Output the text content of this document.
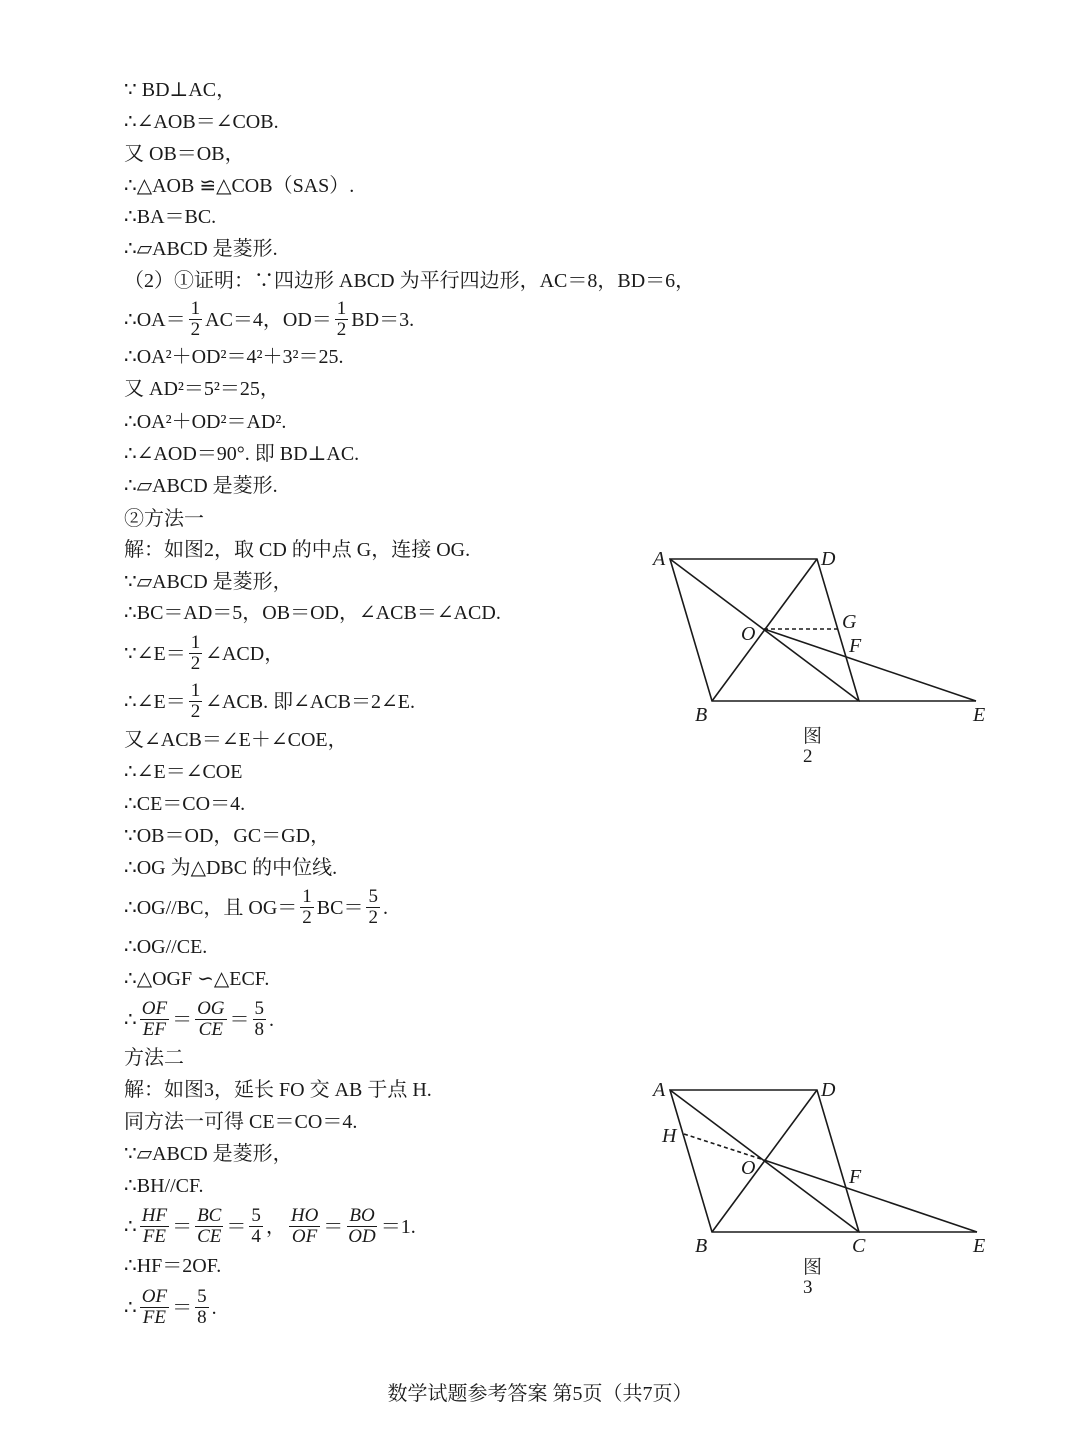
∵ BD⊥AC，
∴∠AOB＝∠COB.
又 OB＝OB，
∴△AOB ≌△COB（SAS）.
∴BA＝BC.
∴▱ABCD 是菱形.
（2）①证明：∵四边形 ABCD 为平行四边形，AC＝8，BD＝6，
∴OA²＋OD²＝4²＋3²＝25.
又 AD²＝5²＝25，
∴OA²＋OD²＝AD².
∴∠AOD＝90°. 即 BD⊥AC.
∴▱ABCD 是菱形.
②方法一
解：如图2，取 CD 的中点 G，连接 OG.
∵▱ABCD 是菱形，
∴BC＝AD＝5，OB＝OD，∠ACB＝∠ACD.
又∠ACB＝∠E＋∠COE，
∴∠E＝∠COE
∴CE＝CO＝4.
∵OB＝OD，GC＝GD，
∴OG 为△DBC 的中位线.
∴OG//CE.
∴△OGF ∽△ECF.
方法二
解：如图3，延长 FO 交 AB 于点 H.
同方法一可得 CE＝CO＝4.
∵▱ABCD 是菱形，
∴BH//CF.
∴HF＝2OF.
∴OA＝ $\frac{1}{2} AC=4$，$OD= \frac{1}{2} BD=3$.
∵∠E＝ $\frac{1}{2}$ ∠ACD，
∴∠E＝ $\frac{1}{2}$ ∠ACB. 即∠ACB＝2∠E.
∴OG//BC，且 $OG= \frac{1}{2} BC= \frac{5}{2}$ .
∴ $\frac{OF}{EF} = \frac{OG}{CE} = \frac{5}{8}$ .
∴ $\frac{HF}{FE} = \frac{BC}{CE} = \frac{5}{4}$ ， $\frac{HO}{OF} = \frac{BO}{OD} =1$.
∴ $\frac{OF}{FE} = \frac{5}{8}$ .
A	D
O
G
F
B	E
图2
A	D
H
O	F
B	C	E
图3
数学试题参考答案 第5页（共7页）
